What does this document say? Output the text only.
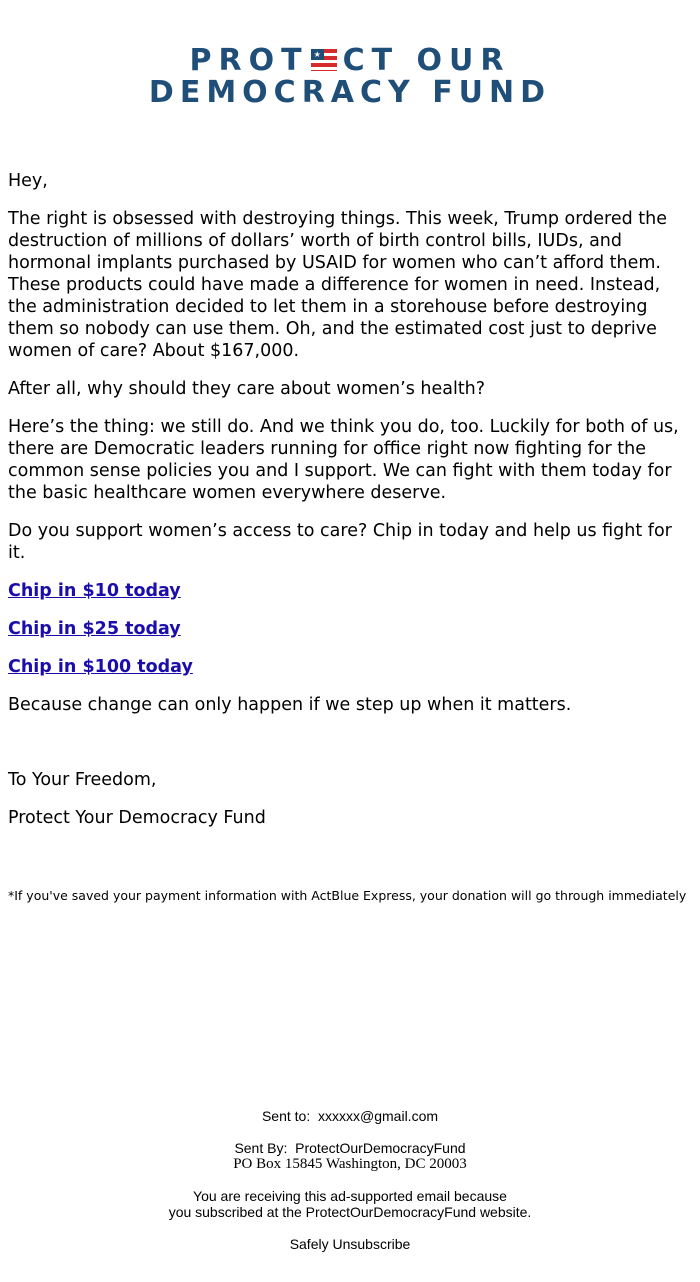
PROT ★ CT OUR
DEMOCRACY FUND

Hey,

The right is obsessed with destroying things. This week, Trump ordered the destruction of millions of dollars’ worth of birth control bills, IUDs, and hormonal implants purchased by USAID for women who can’t afford them. These products could have made a difference for women in need. Instead, the administration decided to let them in a storehouse before destroying them so nobody can use them. Oh, and the estimated cost just to deprive women of care? About $167,000.

After all, why should they care about women’s health?

Here’s the thing: we still do. And we think you do, too. Luckily for both of us, there are Democratic leaders running for office right now fighting for the common sense policies you and I support. We can fight with them today for the basic healthcare women everywhere deserve.

Do you support women’s access to care? Chip in today and help us fight for it.

Chip in $10 today

Chip in $25 today

Chip in $100 today

Because change can only happen if we step up when it matters.

To Your Freedom,

Protect Your Democracy Fund

*If you've saved your payment information with ActBlue Express, your donation will go through immediately
Sent to: xxxxxx@gmail.com
Sent By: ProtectOurDemocracyFund
PO Box 15845 Washington, DC 20003
You are receiving this ad-supported email because
you subscribed at the ProtectOurDemocracyFund website.
Safely Unsubscribe
